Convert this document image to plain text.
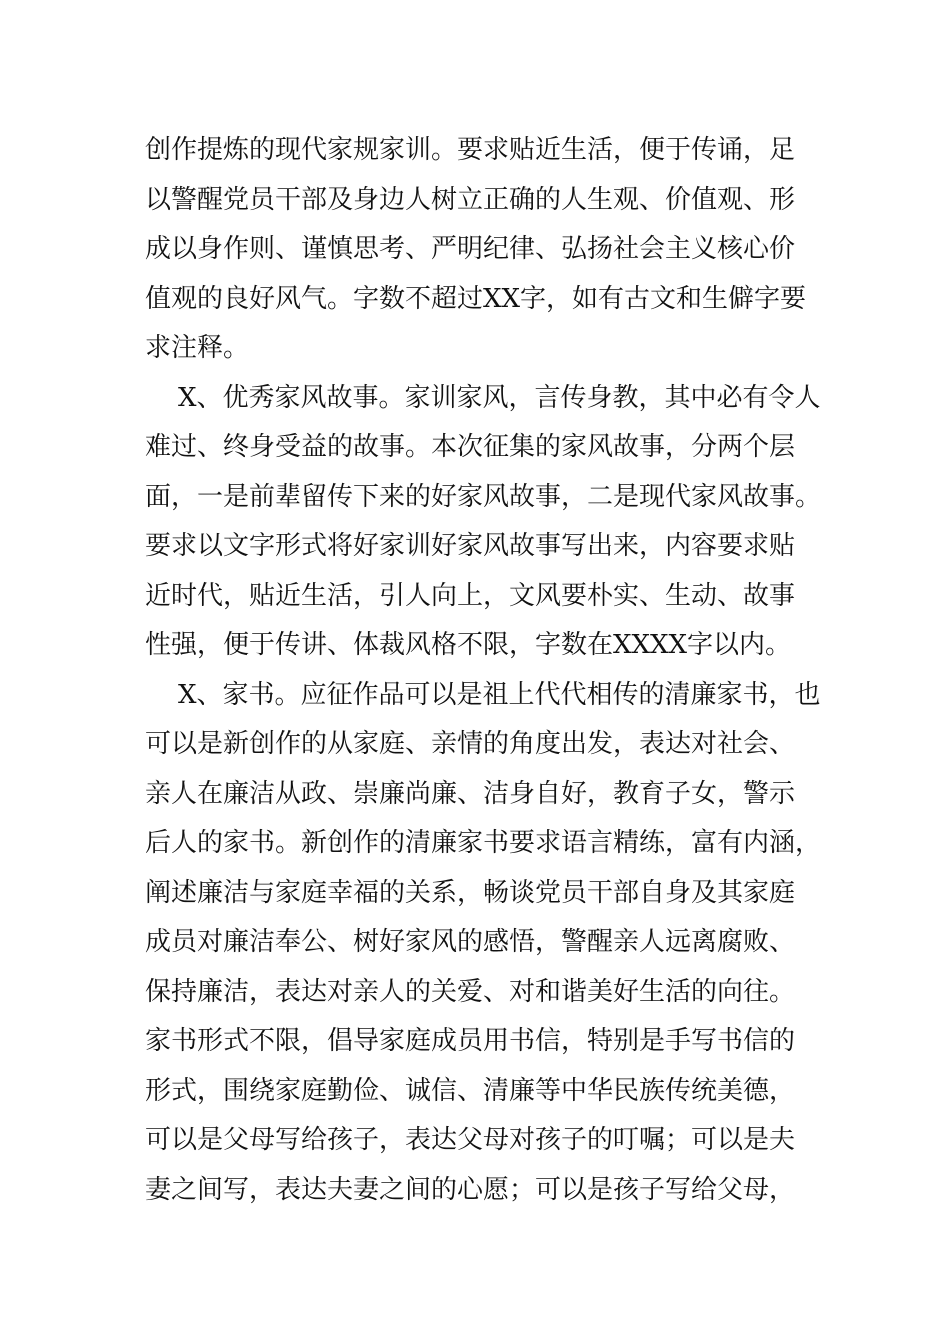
创作提炼的现代家规家训。要求贴近生活，便于传诵，足
以警醒党员干部及身边人树立正确的人生观、价值观、形
成以身作则、谨慎思考、严明纪律、弘扬社会主义核心价
值观的良好风气。字数不超过XX字，如有古文和生僻字要
求注释。
X、优秀家风故事。家训家风，言传身教，其中必有令人
难过、终身受益的故事。本次征集的家风故事，分两个层
面，一是前辈留传下来的好家风故事，二是现代家风故事。
要求以文字形式将好家训好家风故事写出来，内容要求贴
近时代，贴近生活，引人向上，文风要朴实、生动、故事
性强，便于传讲、体裁风格不限，字数在XXXX字以内。
X、家书。应征作品可以是祖上代代相传的清廉家书，也
可以是新创作的从家庭、亲情的角度出发，表达对社会、
亲人在廉洁从政、崇廉尚廉、洁身自好，教育子女，警示
后人的家书。新创作的清廉家书要求语言精练，富有内涵，
阐述廉洁与家庭幸福的关系，畅谈党员干部自身及其家庭
成员对廉洁奉公、树好家风的感悟，警醒亲人远离腐败、
保持廉洁，表达对亲人的关爱、对和谐美好生活的向往。
家书形式不限，倡导家庭成员用书信，特别是手写书信的
形式，围绕家庭勤俭、诚信、清廉等中华民族传统美德，
可以是父母写给孩子，表达父母对孩子的叮嘱；可以是夫
妻之间写，表达夫妻之间的心愿；可以是孩子写给父母，
